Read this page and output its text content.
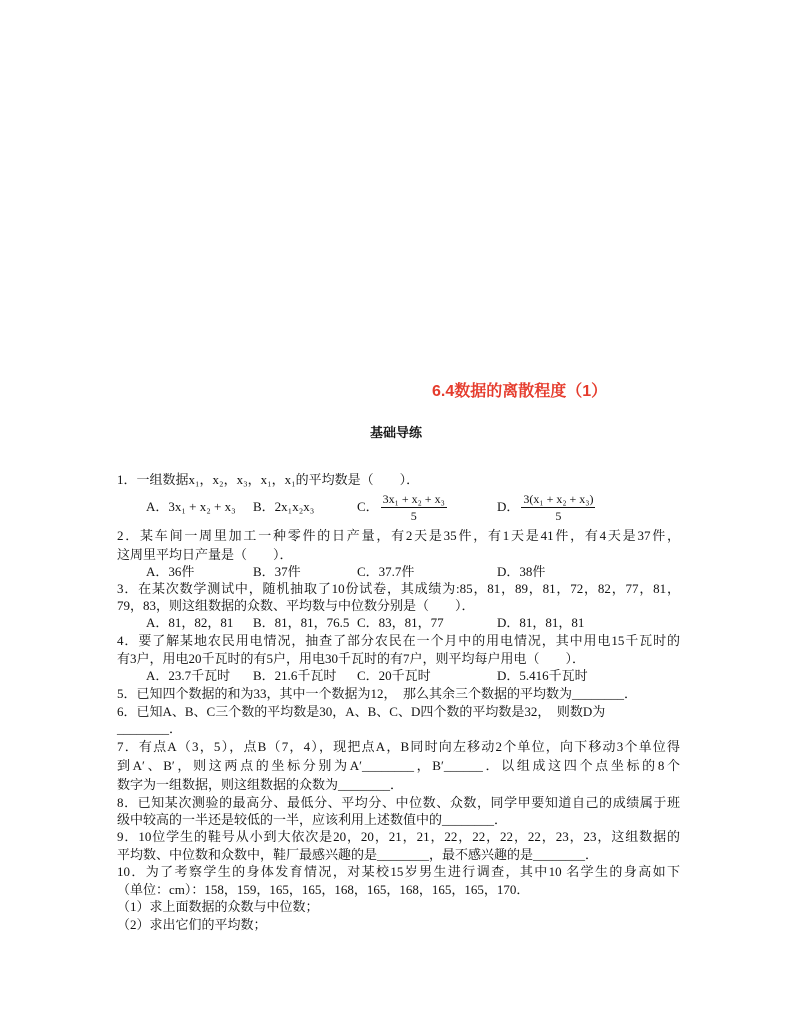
6.4数据的离散程度（1）
基础导练
1．一组数据x₁，x₂，x₃，x₁，x₁的平均数是（　　）．
A．3x₁ + x₂ + x₃ B．2x₁x₂x₃	C． $\frac{\text{3x₁ + x₂ + x₃}}{5}$	D． $\frac{\text{3(x₁ + x₂ + x₃)}}{5}$
2．某车间一周里加工一种零件的日产量，有2天是35件，有1天是41件，有4天是37件，
这周里平均日产量是（　　）．
A．36件	B．37件	C．37.7件	D．38件
3．在某次数学测试中，随机抽取了10份试卷，其成绩为:85，81，89，81，72，82，77，81，
79，83，则这组数据的众数、平均数与中位数分别是（　　）．
A．81，82，81 B．81，81，76.5 C．83，81，77	D．81，81，81
4．要了解某地农民用电情况，抽查了部分农民在一个月中的用电情况，其中用电15千瓦时的
有3户，用电20千瓦时的有5户，用电30千瓦时的有7户，则平均每户用电（　　）．
A．23.7千瓦时 B．21.6千瓦时 C．20千瓦时	D．5.416千瓦时
5．已知四个数据的和为33，其中一个数据为12，　那么其余三个数据的平均数为________．
6．已知A、B、C三个数的平均数是30，A、B、C、D四个数的平均数是32，　则数D为
________．
7．有点A（3，5），点B（7，4），现把点A，B同时向左移动2个单位，向下移动3个单位得
到A′、B′，则这两点的坐标分别为A′________，B′______．以组成这四个点坐标的8个
数字为一组数据，则这组数据的众数为________．
8．已知某次测验的最高分、最低分、平均分、中位数、众数，同学甲要知道自己的成绩属于班
级中较高的一半还是较低的一半，应该利用上述数值中的________．
9．10位学生的鞋号从小到大依次是20，20，21，21，22，22，22，22，23，23，这组数据的
平均数、中位数和众数中，鞋厂最感兴趣的是________，最不感兴趣的是________．
10．为了考察学生的身体发育情况，对某校15岁男生进行调查，其中10 名学生的身高如下
（单位：cm）：158，159，165，165，168，165，168，165，165，170．
（1）求上面数据的众数与中位数；
（2）求出它们的平均数；
